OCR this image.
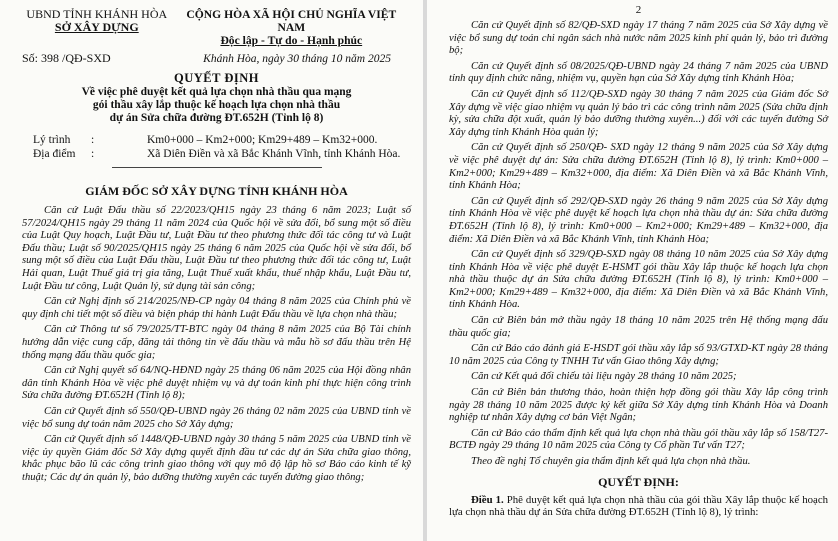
UBND TỈNH KHÁNH HÒA
SỞ XÂY DỰNG
CỘNG HÒA XÃ HỘI CHỦ NGHĨA VIỆT NAM
Độc lập - Tự do - Hạnh phúc
Số: 398 /QĐ-SXD	Khánh Hòa, ngày 30 tháng 10 năm 2025
QUYẾT ĐỊNH
Về việc phê duyệt kết quả lựa chọn nhà thầu qua mạng
gói thầu xây lắp thuộc kế hoạch lựa chọn nhà thầu
dự án Sửa chữa đường ĐT.652H (Tỉnh lộ 8)
Lý trình	:	Km0+000 – Km2+000; Km29+489 – Km32+000.
Địa điểm	:	Xã Diên Điền và xã Bắc Khánh Vĩnh, tỉnh Khánh Hòa.
GIÁM ĐỐC SỞ XÂY DỰNG TỈNH KHÁNH HÒA

Căn cứ Luật Đấu thầu số 22/2023/QH15 ngày 23 tháng 6 năm 2023; Luật số 57/2024/QH15 ngày 29 tháng 11 năm 2024 của Quốc hội về sửa đổi, bổ sung một số điều của Luật Quy hoạch, Luật Đầu tư, Luật Đầu tư theo phương thức đối tác công tư và Luật Đấu thầu; Luật số 90/2025/QH15 ngày 25 tháng 6 năm 2025 của Quốc hội về sửa đổi, bổ sung một số điều của Luật Đấu thầu, Luật Đầu tư theo phương thức đối tác công tư, Luật Hải quan, Luật Thuế giá trị gia tăng, Luật Thuế xuất khẩu, thuế nhập khẩu, Luật Đầu tư, Luật Đầu tư công, Luật Quản lý, sử dụng tài sản công;

Căn cứ Nghị định số 214/2025/NĐ-CP ngày 04 tháng 8 năm 2025 của Chính phủ về quy định chi tiết một số điều và biện pháp thi hành Luật Đấu thầu về lựa chọn nhà thầu;

Căn cứ Thông tư số 79/2025/TT-BTC ngày 04 tháng 8 năm 2025 của Bộ Tài chính hướng dẫn việc cung cấp, đăng tải thông tin về đấu thầu và mẫu hồ sơ đấu thầu trên Hệ thống mạng đấu thầu quốc gia;

Căn cứ Nghị quyết số 64/NQ-HĐND ngày 25 tháng 06 năm 2025 của Hội đồng nhân dân tỉnh Khánh Hòa về việc phê duyệt nhiệm vụ và dự toán kinh phí thực hiện công trình Sửa chữa đường ĐT.652H (Tỉnh lộ 8);

Căn cứ Quyết định số 550/QĐ-UBND ngày 26 tháng 02 năm 2025 của UBND tỉnh về việc bổ sung dự toán năm 2025 cho Sở Xây dựng;

Căn cứ Quyết định số 1448/QĐ-UBND ngày 30 tháng 5 năm 2025 của UBND tỉnh về việc ủy quyền Giám đốc Sở Xây dựng quyết định đầu tư các dự án Sửa chữa giao thông, khắc phục bão lũ các công trình giao thông với quy mô độ lập hồ sơ Báo cáo kinh tế kỹ thuật; Các dự án quản lý, bảo dưỡng thường xuyên các tuyến đường giao thông;

2

Căn cứ Quyết định số 82/QĐ-SXD ngày 17 tháng 7 năm 2025 của Sở Xây dựng về việc bổ sung dự toán chi ngân sách nhà nước năm 2025 kinh phí quản lý, bảo trì đường bộ;

Căn cứ Quyết định số 08/2025/QĐ-UBND ngày 24 tháng 7 năm 2025 của UBND tỉnh quy định chức năng, nhiệm vụ, quyền hạn của Sở Xây dựng tỉnh Khánh Hòa;

Căn cứ Quyết định số 112/QĐ-SXD ngày 30 tháng 7 năm 2025 của Giám đốc Sở Xây dựng về việc giao nhiệm vụ quản lý bảo trì các công trình năm 2025 (Sửa chữa định kỳ, sửa chữa đột xuất, quản lý bảo dưỡng thường xuyên...) đối với các tuyến đường Sở Xây dựng tỉnh Khánh Hòa quản lý;

Căn cứ Quyết định số 250/QĐ- SXD ngày 12 tháng 9 năm 2025 của Sở Xây dựng về việc phê duyệt dự án: Sửa chữa đường ĐT.652H (Tỉnh lộ 8), lý trình: Km0+000 – Km2+000; Km29+489 – Km32+000, địa điểm: Xã Diên Điền và xã Bắc Khánh Vĩnh, tỉnh Khánh Hòa;

Căn cứ Quyết định số 292/QĐ-SXD ngày 26 tháng 9 năm 2025 của Sở Xây dựng tỉnh Khánh Hòa về việc phê duyệt kế hoạch lựa chọn nhà thầu dự án: Sửa chữa đường ĐT.652H (Tỉnh lộ 8), lý trình: Km0+000 – Km2+000; Km29+489 – Km32+000, địa điểm: Xã Diên Điền và xã Bắc Khánh Vĩnh, tỉnh Khánh Hòa;

Căn cứ Quyết định số 329/QĐ-SXD ngày 08 tháng 10 năm 2025 của Sở Xây dựng tỉnh Khánh Hòa về việc phê duyệt E-HSMT gói thầu Xây lắp thuộc kế hoạch lựa chọn nhà thầu thuộc dự án Sửa chữa đường ĐT.652H (Tỉnh lộ 8), lý trình: Km0+000 – Km2+000; Km29+489 – Km32+000, địa điểm: Xã Diên Điền và xã Bắc Khánh Vĩnh, tỉnh Khánh Hòa.

Căn cứ Biên bản mở thầu ngày 18 tháng 10 năm 2025 trên Hệ thống mạng đấu thầu quốc gia;

Căn cứ Báo cáo đánh giá E-HSDT gói thầu xây lắp số 93/GTXD-KT ngày 28 tháng 10 năm 2025 của Công ty TNHH Tư vấn Giao thông Xây dựng;

Căn cứ Kết quả đối chiếu tài liệu ngày 28 tháng 10 năm 2025;

Căn cứ Biên bản thương thảo, hoàn thiện hợp đồng gói thầu Xây lắp công trình ngày 28 tháng 10 năm 2025 được ký kết giữa Sở Xây dựng tỉnh Khánh Hòa và Doanh nghiệp tư nhân Xây dựng cơ bản Việt Ngân;

Căn cứ Báo cáo thẩm định kết quả lựa chọn nhà thầu gói thầu xây lắp số 158/T27-BCTĐ ngày 29 tháng 10 năm 2025 của Công ty Cổ phần Tư vấn T27;

Theo đề nghị Tổ chuyên gia thẩm định kết quả lựa chọn nhà thầu.

QUYẾT ĐỊNH:

Điều 1. Phê duyệt kết quả lựa chọn nhà thầu của gói thầu Xây lắp thuộc kế hoạch lựa chọn nhà thầu dự án Sửa chữa đường ĐT.652H (Tỉnh lộ 8), lý trình:
